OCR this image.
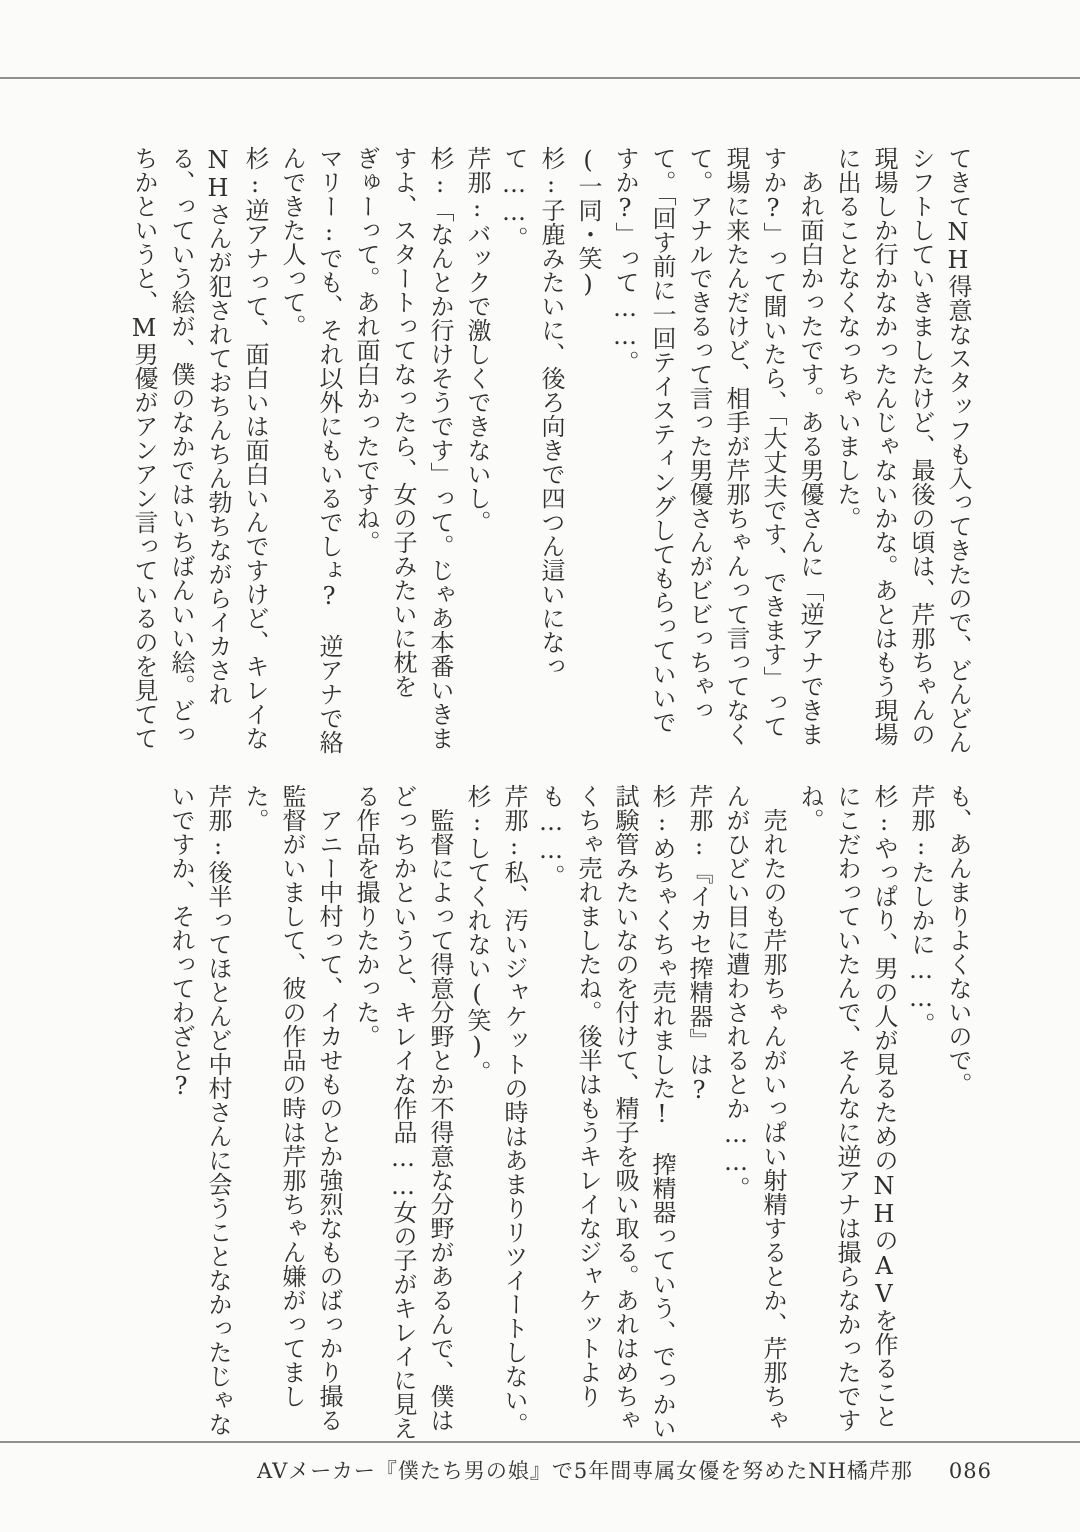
てきてNH得意なスタッフも入ってきたので、どんどんシフトしていきましたけど、最後の頃は、芹那ちゃんの現場しか行かなかったんじゃないかな。あとはもう現場に出ることなくなっちゃいました。

あれ面白かったです。ある男優さんに「逆アナできますか?」って聞いたら、「大丈夫です、できます」って現場に来たんだけど、相手が芹那ちゃんって言ってなくて。アナルできるって言った男優さんがビビっちゃって。「回す前に一回テイスティングしてもらっていいですか?」って……。

(一同・笑)

杉:子鹿みたいに、後ろ向きで四つん這いになって……。

芹那:バックで激しくできないし。

杉:「なんとか行けそうです」って。じゃあ本番いきますよ、スタートってなったら、女の子みたいに枕をぎゅーって。あれ面白かったですね。

マリー:でも、それ以外にもいるでしょ?　逆アナで絡んできた人って。

杉:逆アナって、面白いは面白いんですけど、キレイなNHさんが犯されておちんちん勃ちながらイカされる、っていう絵が、僕のなかではいちばんいい絵。どっちかというと、M男優がアンアン言っているのを見てて

も、あんまりよくないので。

芹那:たしかに……。

杉:やっぱり、男の人が見るためのNHのAVを作ることにこだわっていたんで、そんなに逆アナは撮らなかったですね。

売れたのも芹那ちゃんがいっぱい射精するとか、芹那ちゃんがひどい目に遭わされるとか……。

芹那:『イカセ搾精器』は?

杉:めちゃくちゃ売れました!　搾精器っていう、でっかい試験管みたいなのを付けて、精子を吸い取る。あれはめちゃくちゃ売れましたね。後半はもうキレイなジャケットよりも……。

芹那:私、汚いジャケットの時はあまりリツイートしない。

杉:してくれない(笑)。

監督によって得意分野とか不得意な分野があるんで、僕はどっちかというと、キレイな作品……女の子がキレイに見える作品を撮りたかった。

アニー中村って、イカせものとか強烈なものばっかり撮る監督がいまして、彼の作品の時は芹那ちゃん嫌がってました。

芹那:後半ってほとんど中村さんに会うことなかったじゃないですか、それってわざと?

AVメーカー『僕たち男の娘』で5年間専属女優を努めたNH橘芹那 086
